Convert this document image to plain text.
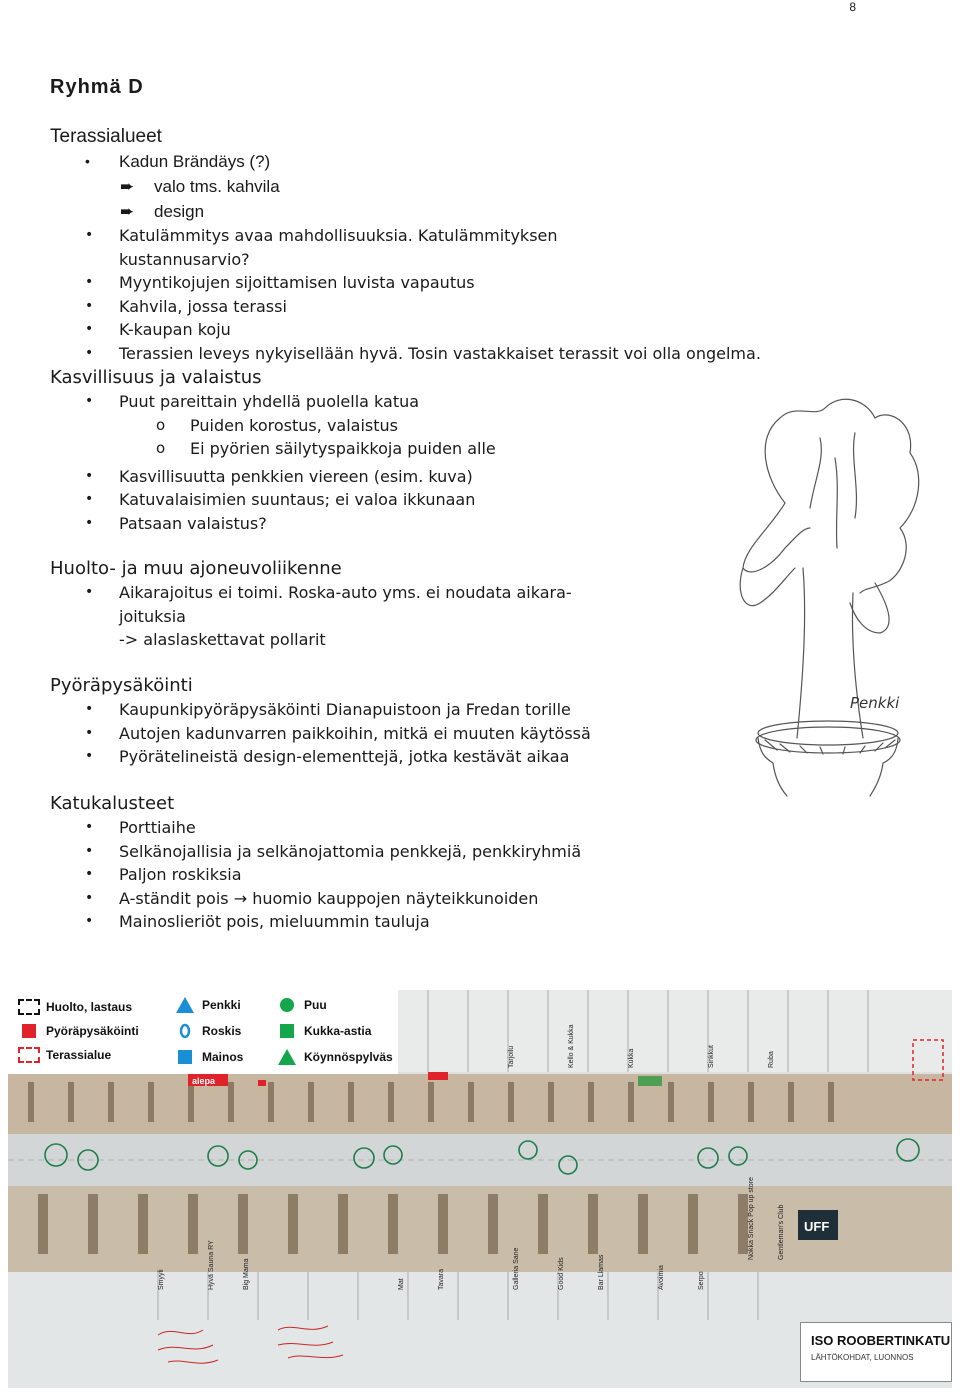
8
Ryhmä D
Terassialueet
• Kadun Brändäys (?)
➨ valo tms. kahvila
➨ design
• Katulämmitys avaa mahdollisuuksia. Katulämmityksen kustannusarvio?
• Myyntikojujen sijoittamisen luvista vapautus
• Kahvila, jossa terassi
• K-kaupan koju
• Terassien leveys nykyisellään hyvä. Tosin vastakkaiset terassit voi olla ongelma.
Kasvillisuus ja valaistus
• Puut pareittain yhdellä puolella katua
o Puiden korostus, valaistus
o Ei pyörien säilytyspaikkoja puiden alle
• Kasvillisuutta penkkien viereen (esim. kuva)
• Katuvalaisimien suuntaus; ei valoa ikkunaan
• Patsaan valaistus?
Huolto- ja muu ajoneuvoliikenne
• Aikarajoitus ei toimi. Roska-auto yms. ei noudata aikara-
joituksia
-> alaslaskettavat pollarit
Pyöräpysäköinti
• Kaupunkipyöräpysäköinti Dianapuistoon ja Fredan torille
• Autojen kadunvarren paikkoihin, mitkä ei muuten käytössä
• Pyörätelineistä design-elementtejä, jotka kestävät aikaa
Katukalusteet
• Porttiaihe
• Selkänojallisia ja selkänojattomia penkkejä, penkkiryhmiä
• Paljon roskiksia
• A-ständit pois → huomio kauppojen näyteikkunoiden
• Mainoslieriöt pois, mieluummin tauluja
Penkki
Huolto, lastaus
Pyöräpysäköinti
Terassialue
Penkki
Roskis
Mainos
Puu
Kukka-astia
Köynnöspylväs
UFF
alepa
Hyvä Sauna RY	Big Mama
Smyyli	Mat	Tavara	Galleria Sane	Good Kids	Bar Llamas	Avoimia	Serpo
Gentleman's Club
Nokka Snack Pop up store
Tarjoilu	Kello & Kukka	Sinkkut	Ruba
Kukka
ISO ROOBERTINKATU
LÄHTÖKOHDAT, LUONNOS
